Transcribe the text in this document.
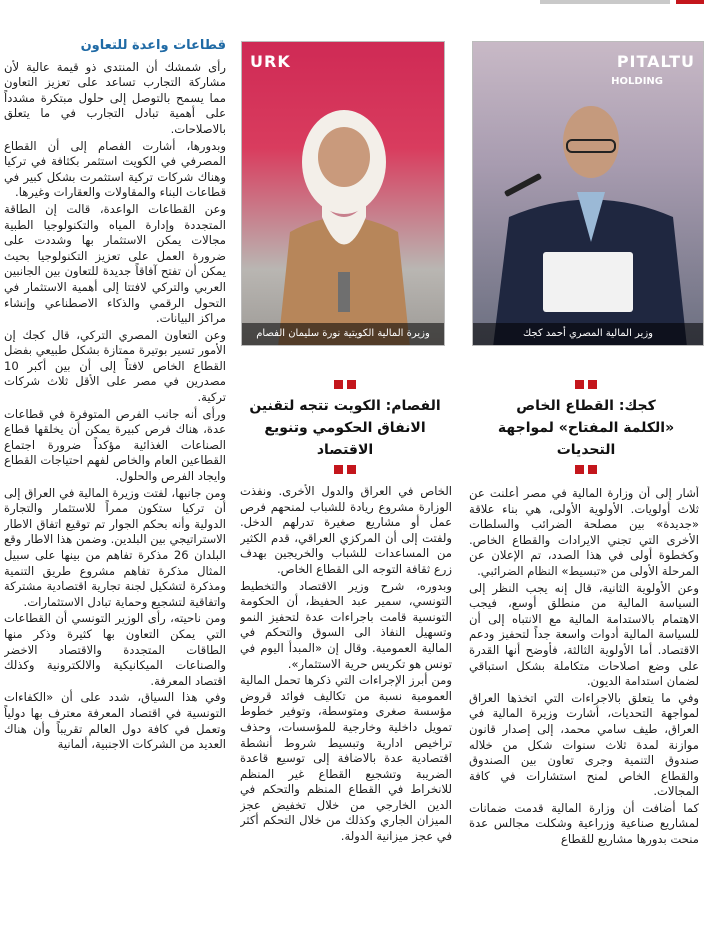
قطاعات واعدة للتعاون

رأى شمشك أن المنتدى ذو قيمة عالية لأن مشاركة التجارب تساعد على تعزيز التعاون مما يسمح بالتوصل إلى حلول مبتكرة مشدداً على أهمية تبادل التجارب في ما يتعلق بالاصلاحات.

وبدورها، أشارت الفصام إلى أن القطاع المصرفي في الكويت استثمر بكثافة في تركيا وهناك شركات تركية استثمرت بشكل كبير في قطاعات البناء والمقاولات والعقارات وغيرها.

وعن القطاعات الواعدة، قالت إن الطاقة المتجددة وإدارة المياه والتكنولوجيا الطبية مجالات يمكن الاستثمار بها وشددت على ضرورة العمل على تعزيز التكنولوجيا بحيث يمكن أن تفتح آفاقاً جديدة للتعاون بين الجانبين العربي والتركي لافتتا إلى أهمية الاستثمار في التحول الرقمي والذكاء الاصطناعي وإنشاء مراكز البيانات.

وعن التعاون المصري التركي، قال كجك إن الأمور تسير بوتيرة ممتازة بشكل طبيعي بفضل القطاع الخاص لافتاً إلى أن بين أكبر 10 مصدرين في مصر على الأقل ثلاث شركات تركية.

ورأى أنه جانب الفرص المتوفرة في قطاعات عدة، هناك فرص كبيرة يمكن أن يخلقها قطاع الصناعات الغذائية مؤكداً ضرورة اجتماع القطاعين العام والخاص لفهم احتياجات القطاع وايجاد الفرص والحلول.

ومن جانبها، لفتت وزيرة المالية في العراق إلى أن تركيا ستكون ممراً للاستثمار والتجارة الدولية وأنه بحكم الجوار تم توقيع اتفاق الاطار الاستراتيجي بين البلدين. وضمن هذا الاطار وقع البلدان 26 مذكرة تفاهم من بينها على سبيل المثال مذكرة تفاهم مشروع طريق التنمية ومذكرة لتشكيل لجنة تجارية اقتصادية مشتركة واتفاقية لتشجيع وحماية تبادل الاستثمارات.

ومن ناحيته، رأى الوزير التونسي أن القطاعات التي يمكن التعاون بها كثيرة وذكر منها الطاقات المتجددة والاقتصاد الاخضر والصناعات الميكانيكية والالكترونية وكذلك اقتصاد المعرفة.

وفي هذا السياق، شدد على أن «الكفاءات التونسية في اقتصاد المعرفة معترف بها دولياً وتعمل في كافة دول العالم تقريباً وأن هناك العديد من الشركات الاجنبية، ألمانية

URK
وزيرة المالية الكويتية نورة سليمان الفصام
PITALTU
HOLDING
وزير المالية المصري أحمد كجك
كجك: القطاع الخاص
«الكلمة المفتاح» لمواجهة التحديات
الفصام: الكويت تتجه لتقنين
الانفاق الحكومي وتنويع الاقتصاد

الخاص في العراق والدول الأخرى. ونفذت الوزارة مشروع ريادة للشباب لمنحهم فرص عمل أو مشاريع صغيرة تدرلهم الدخل. ولفتت إلى أن المركزي العراقي، قدم الكثير من المساعدات للشباب والخريجين بهدف زرع ثقافة التوجه الى القطاع الخاص.

وبدوره، شرح وزير الاقتصاد والتخطيط التونسي، سمير عبد الحفيظ، أن الحكومة التونسية قامت باجراءات عدة لتحفيز النمو وتسهيل النفاذ الى السوق والتحكم في المالية العمومية. وقال إن «المبدأ اليوم في تونس هو تكريس حرية الاستثمار».

ومن أبرز الإجراءات التي ذكرها تحمل المالية العمومية نسبة من تكاليف فوائد قروض مؤسسة صغرى ومتوسطة، وتوفير خطوط تمويل داخلية وخارجية للمؤسسات، وحذف تراخيص ادارية وتبسيط شروط أنشطة اقتصادية عدة بالاضافة إلى توسيع قاعدة الضريبة وتشجيع القطاع غير المنظم للانخراط في القطاع المنظم والتحكم في الدين الخارجي من خلال تخفيض عجز الميزان الجاري وكذلك من خلال التحكم أكثر في عجز ميزانية الدولة.

أشار إلى أن وزارة المالية في مصر أعلنت عن ثلاث أولويات. الأولوية الأولى، هي بناء علاقة «جديدة» بين مصلحة الضرائب والسلطات الأخرى التي تجني الايرادات والقطاع الخاص. وكخطوة أولى في هذا الصدد، تم الإعلان عن المرحلة الأولى من «تبسيط» النظام الضرائبي.

وعن الأولوية الثانية، قال إنه يجب النظر إلى السياسة المالية من منطلق أوسع، فيجب الاهتمام بالاستدامة المالية مع الانتباه إلى أن للسياسة المالية أدوات واسعة جداً لتحفيز ودعم الاقتصاد. أما الأولوية الثالثة، فأوضح أنها القدرة على وضع اصلاحات متكاملة بشكل استباقي لضمان استدامة الديون.

وفي ما يتعلق بالاجراءات التي اتخذها العراق لمواجهة التحديات، أشارت وزيرة المالية في العراق، طيف سامي محمد، إلى إصدار قانون موازنة لمدة ثلاث سنوات شكل من خلاله صندوق التنمية وجرى تعاون بين الصندوق والقطاع الخاص لمنح استشارات في كافة المجالات.

كما أضافت أن وزارة المالية قدمت ضمانات لمشاريع صناعية وزراعية وشكلت مجالس عدة منحت بدورها مشاريع للقطاع
